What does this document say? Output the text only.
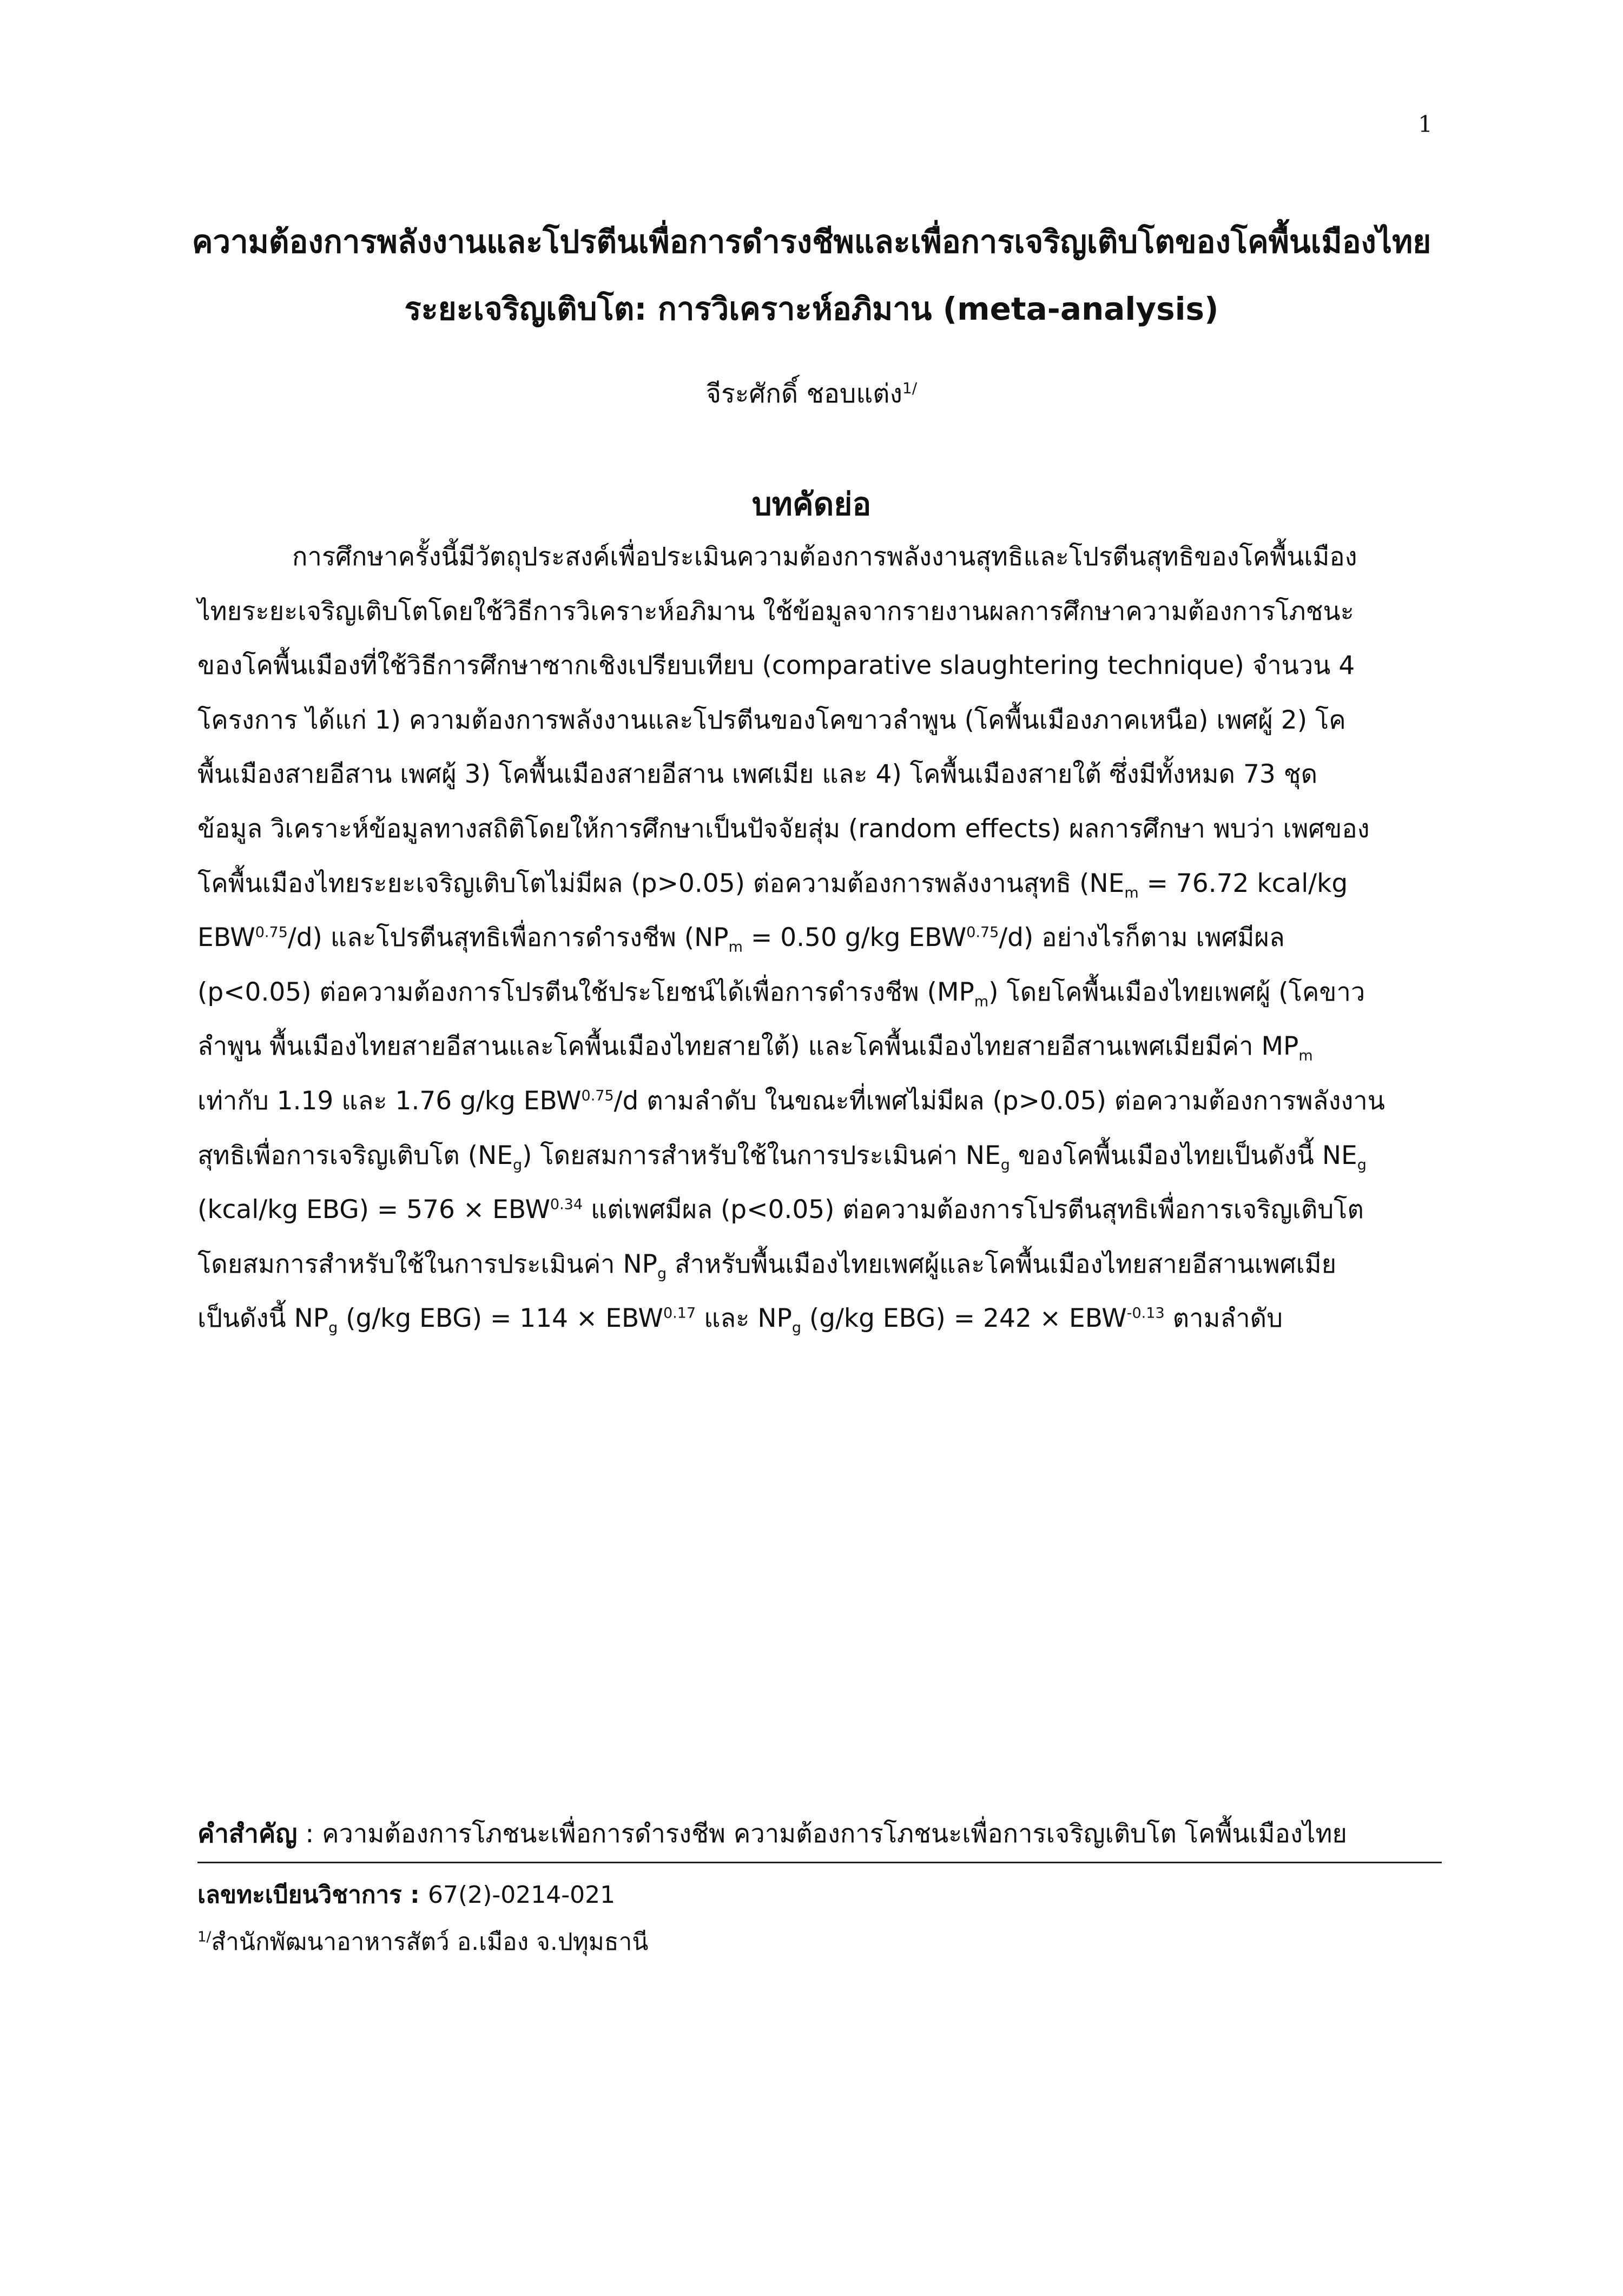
1
ความต้องการพลังงานและโปรตีนเพื่อการดำรงชีพและเพื่อการเจริญเติบโตของโคพื้นเมืองไทย
ระยะเจริญเติบโต: การวิเคราะห์อภิมาน (meta-analysis)
จีระศักดิ์ ชอบแต่ง$^{1/}$
บทคัดย่อ
การศึกษาครั้งนี้มีวัตถุประสงค์เพื่อประเมินความต้องการพลังงานสุทธิและโปรตีนสุทธิของโคพื้นเมือง
ไทยระยะเจริญเติบโตโดยใช้วิธีการวิเคราะห์อภิมาน ใช้ข้อมูลจากรายงานผลการศึกษาความต้องการโภชนะ
ของโคพื้นเมืองที่ใช้วิธีการศึกษาซากเชิงเปรียบเทียบ (comparative slaughtering technique) จำนวน 4
โครงการ ได้แก่ 1) ความต้องการพลังงานและโปรตีนของโคขาวลำพูน (โคพื้นเมืองภาคเหนือ) เพศผู้ 2) โค
พื้นเมืองสายอีสาน เพศผู้ 3) โคพื้นเมืองสายอีสาน เพศเมีย และ 4) โคพื้นเมืองสายใต้ ซึ่งมีทั้งหมด 73 ชุด
ข้อมูล วิเคราะห์ข้อมูลทางสถิติโดยให้การศึกษาเป็นปัจจัยสุ่ม (random effects) ผลการศึกษา พบว่า เพศของ
โคพื้นเมืองไทยระยะเจริญเติบโตไม่มีผล (p>0.05) ต่อความต้องการพลังงานสุทธิ ($NE_m = 76.72$ kcal/kg
$EBW^{0.75}/d$) และโปรตีนสุทธิเพื่อการดำรงชีพ ($NP_m = 0.50$ g/kg $EBW^{0.75}/d$) อย่างไรก็ตาม เพศมีผล
(p<0.05) ต่อความต้องการโปรตีนใช้ประโยชน์ได้เพื่อการดำรงชีพ $(MP_m)$ โดยโคพื้นเมืองไทยเพศผู้ (โคขาว
ลำพูน พื้นเมืองไทยสายอีสานและโคพื้นเมืองไทยสายใต้) และโคพื้นเมืองไทยสายอีสานเพศเมียมีค่า $MP_m$
เท่ากับ 1.19 และ 1.76 g/kg $EBW^{0.75}/d$ ตามลำดับ ในขณะที่เพศไม่มีผล (p>0.05) ต่อความต้องการพลังงาน
สุทธิเพื่อการเจริญเติบโต $(NE_g)$ โดยสมการสำหรับใช้ในการประเมินค่า $NE_g$ ของโคพื้นเมืองไทยเป็นดังนี้ $NE_g$
(kcal/kg $EBG) = 576 \times EBW^{0.34}$ แต่เพศมีผล (p<0.05) ต่อความต้องการโปรตีนสุทธิเพื่อการเจริญเติบโต
โดยสมการสำหรับใช้ในการประเมินค่า $NP_g$ สำหรับพื้นเมืองไทยเพศผู้และโคพื้นเมืองไทยสายอีสานเพศเมีย
เป็นดังนี้ $NP_g$ (g/kg $EBG) = 114 \times EBW^{0.17}$ และ $NP_g$ (g/kg $EBG) = 242 \times EBW^{-0.13}$ ตามลำดับ
คำสำคัญ : ความต้องการโภชนะเพื่อการดำรงชีพ ความต้องการโภชนะเพื่อการเจริญเติบโต โคพื้นเมืองไทย
เลขทะเบียนวิชาการ : 67(2)-0214-021
$^{1/}$สำนักพัฒนาอาหารสัตว์ อ.เมือง จ.ปทุมธานี
